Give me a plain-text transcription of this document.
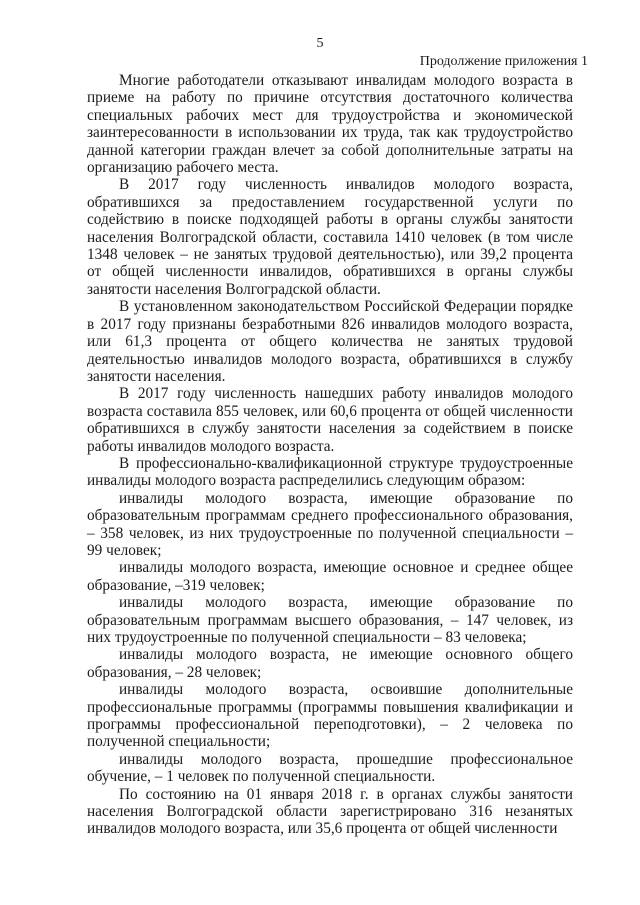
5
Продолжение приложения 1

Многие работодатели отказывают инвалидам молодого возраста в приеме на работу по причине отсутствия достаточного количества специальных рабочих мест для трудоустройства и экономической заинтересованности в использовании их труда, так как трудоустройство данной категории граждан влечет за собой дополнительные затраты на организацию рабочего места.

В 2017 году численность инвалидов молодого возраста, обратившихся за предоставлением государственной услуги по содействию в поиске подходящей работы в органы службы занятости населения Волгоградской области, составила 1410 человек (в том числе 1348 человек – не занятых трудовой деятельностью), или 39,2 процента от общей численности инвалидов, обратившихся в органы службы занятости населения Волгоградской области.

В установленном законодательством Российской Федерации порядке в 2017 году признаны безработными 826 инвалидов молодого возраста, или 61,3 процента от общего количества не занятых трудовой деятельностью инвалидов молодого возраста, обратившихся в службу занятости населения.

В 2017 году численность нашедших работу инвалидов молодого возраста составила 855 человек, или 60,6 процента от общей численности обратившихся в службу занятости населения за содействием в поиске работы инвалидов молодого возраста.

В профессионально-квалификационной структуре трудоустроенные инвалиды молодого возраста распределились следующим образом:

инвалиды молодого возраста, имеющие образование по образовательным программам среднего профессионального образования, – 358 человек, из них трудоустроенные по полученной специальности – 99 человек;

инвалиды молодого возраста, имеющие основное и среднее общее образование, –319 человек;

инвалиды молодого возраста, имеющие образование по образовательным программам высшего образования, – 147 человек, из них трудоустроенные по полученной специальности – 83 человека;

инвалиды молодого возраста, не имеющие основного общего образования, – 28 человек;

инвалиды молодого возраста, освоившие дополнительные профессиональные программы (программы повышения квалификации и программы профессиональной переподготовки), – 2 человека по полученной специальности;

инвалиды молодого возраста, прошедшие профессиональное обучение, – 1 человек по полученной специальности.

По состоянию на 01 января 2018 г. в органах службы занятости населения Волгоградской области зарегистрировано 316 незанятых инвалидов молодого возраста, или 35,6 процента от общей численности
